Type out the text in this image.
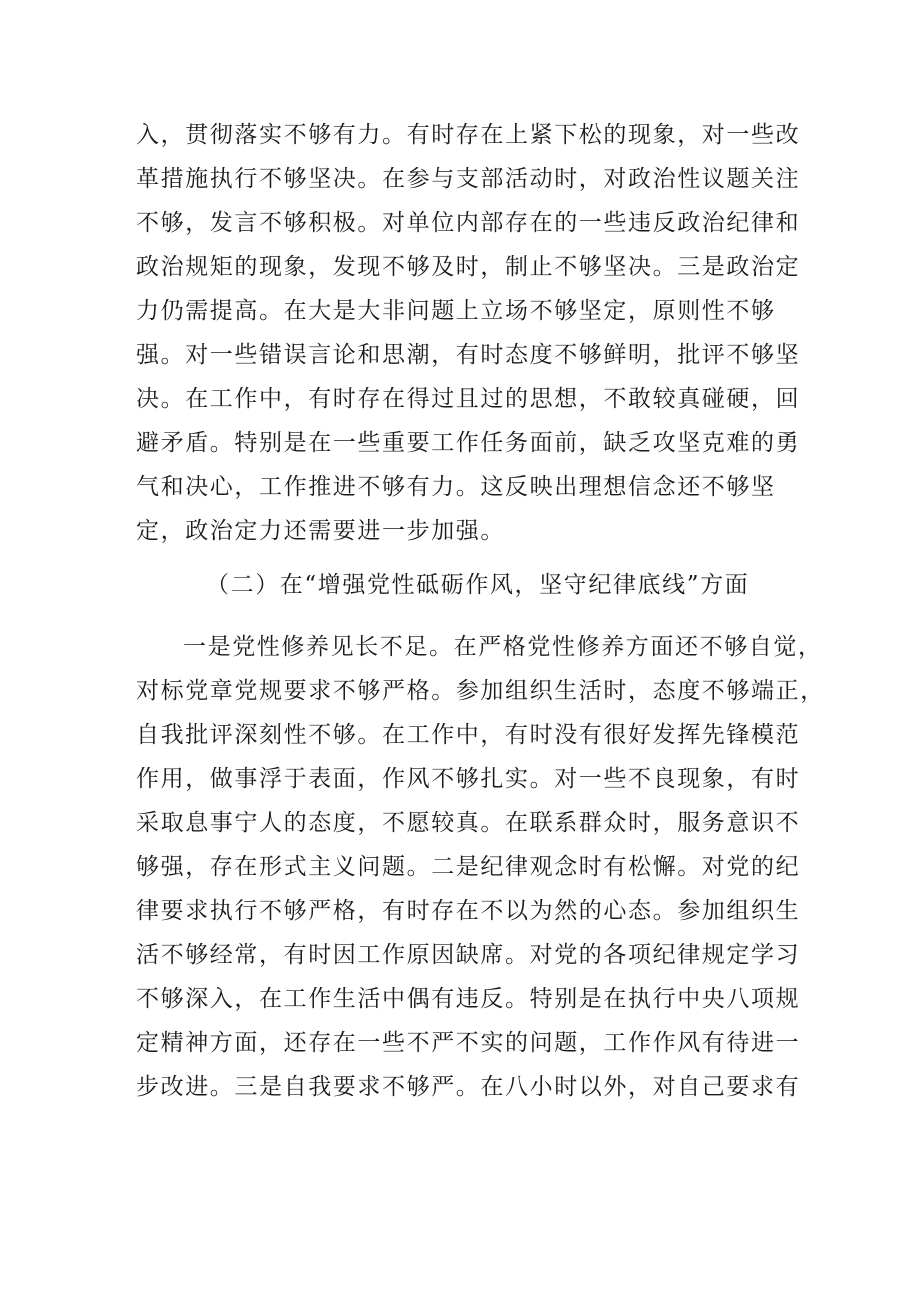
入，贯彻落实不够有力。有时存在上紧下松的现象，对一些改
革措施执行不够坚决。在参与支部活动时，对政治性议题关注
不够，发言不够积极。对单位内部存在的一些违反政治纪律和
政治规矩的现象，发现不够及时，制止不够坚决。三是政治定
力仍需提高。在大是大非问题上立场不够坚定，原则性不够
强。对一些错误言论和思潮，有时态度不够鲜明，批评不够坚
决。在工作中，有时存在得过且过的思想，不敢较真碰硬，回
避矛盾。特别是在一些重要工作任务面前，缺乏攻坚克难的勇
气和决心，工作推进不够有力。这反映出理想信念还不够坚
定，政治定力还需要进一步加强。
（二）在“增强党性砥砺作风，坚守纪律底线”方面
一是党性修养见长不足。在严格党性修养方面还不够自觉，
对标党章党规要求不够严格。参加组织生活时，态度不够端正，
自我批评深刻性不够。在工作中，有时没有很好发挥先锋模范
作用，做事浮于表面，作风不够扎实。对一些不良现象，有时
采取息事宁人的态度，不愿较真。在联系群众时，服务意识不
够强，存在形式主义问题。二是纪律观念时有松懈。对党的纪
律要求执行不够严格，有时存在不以为然的心态。参加组织生
活不够经常，有时因工作原因缺席。对党的各项纪律规定学习
不够深入，在工作生活中偶有违反。特别是在执行中央八项规
定精神方面，还存在一些不严不实的问题，工作作风有待进一
步改进。三是自我要求不够严。在八小时以外，对自己要求有
